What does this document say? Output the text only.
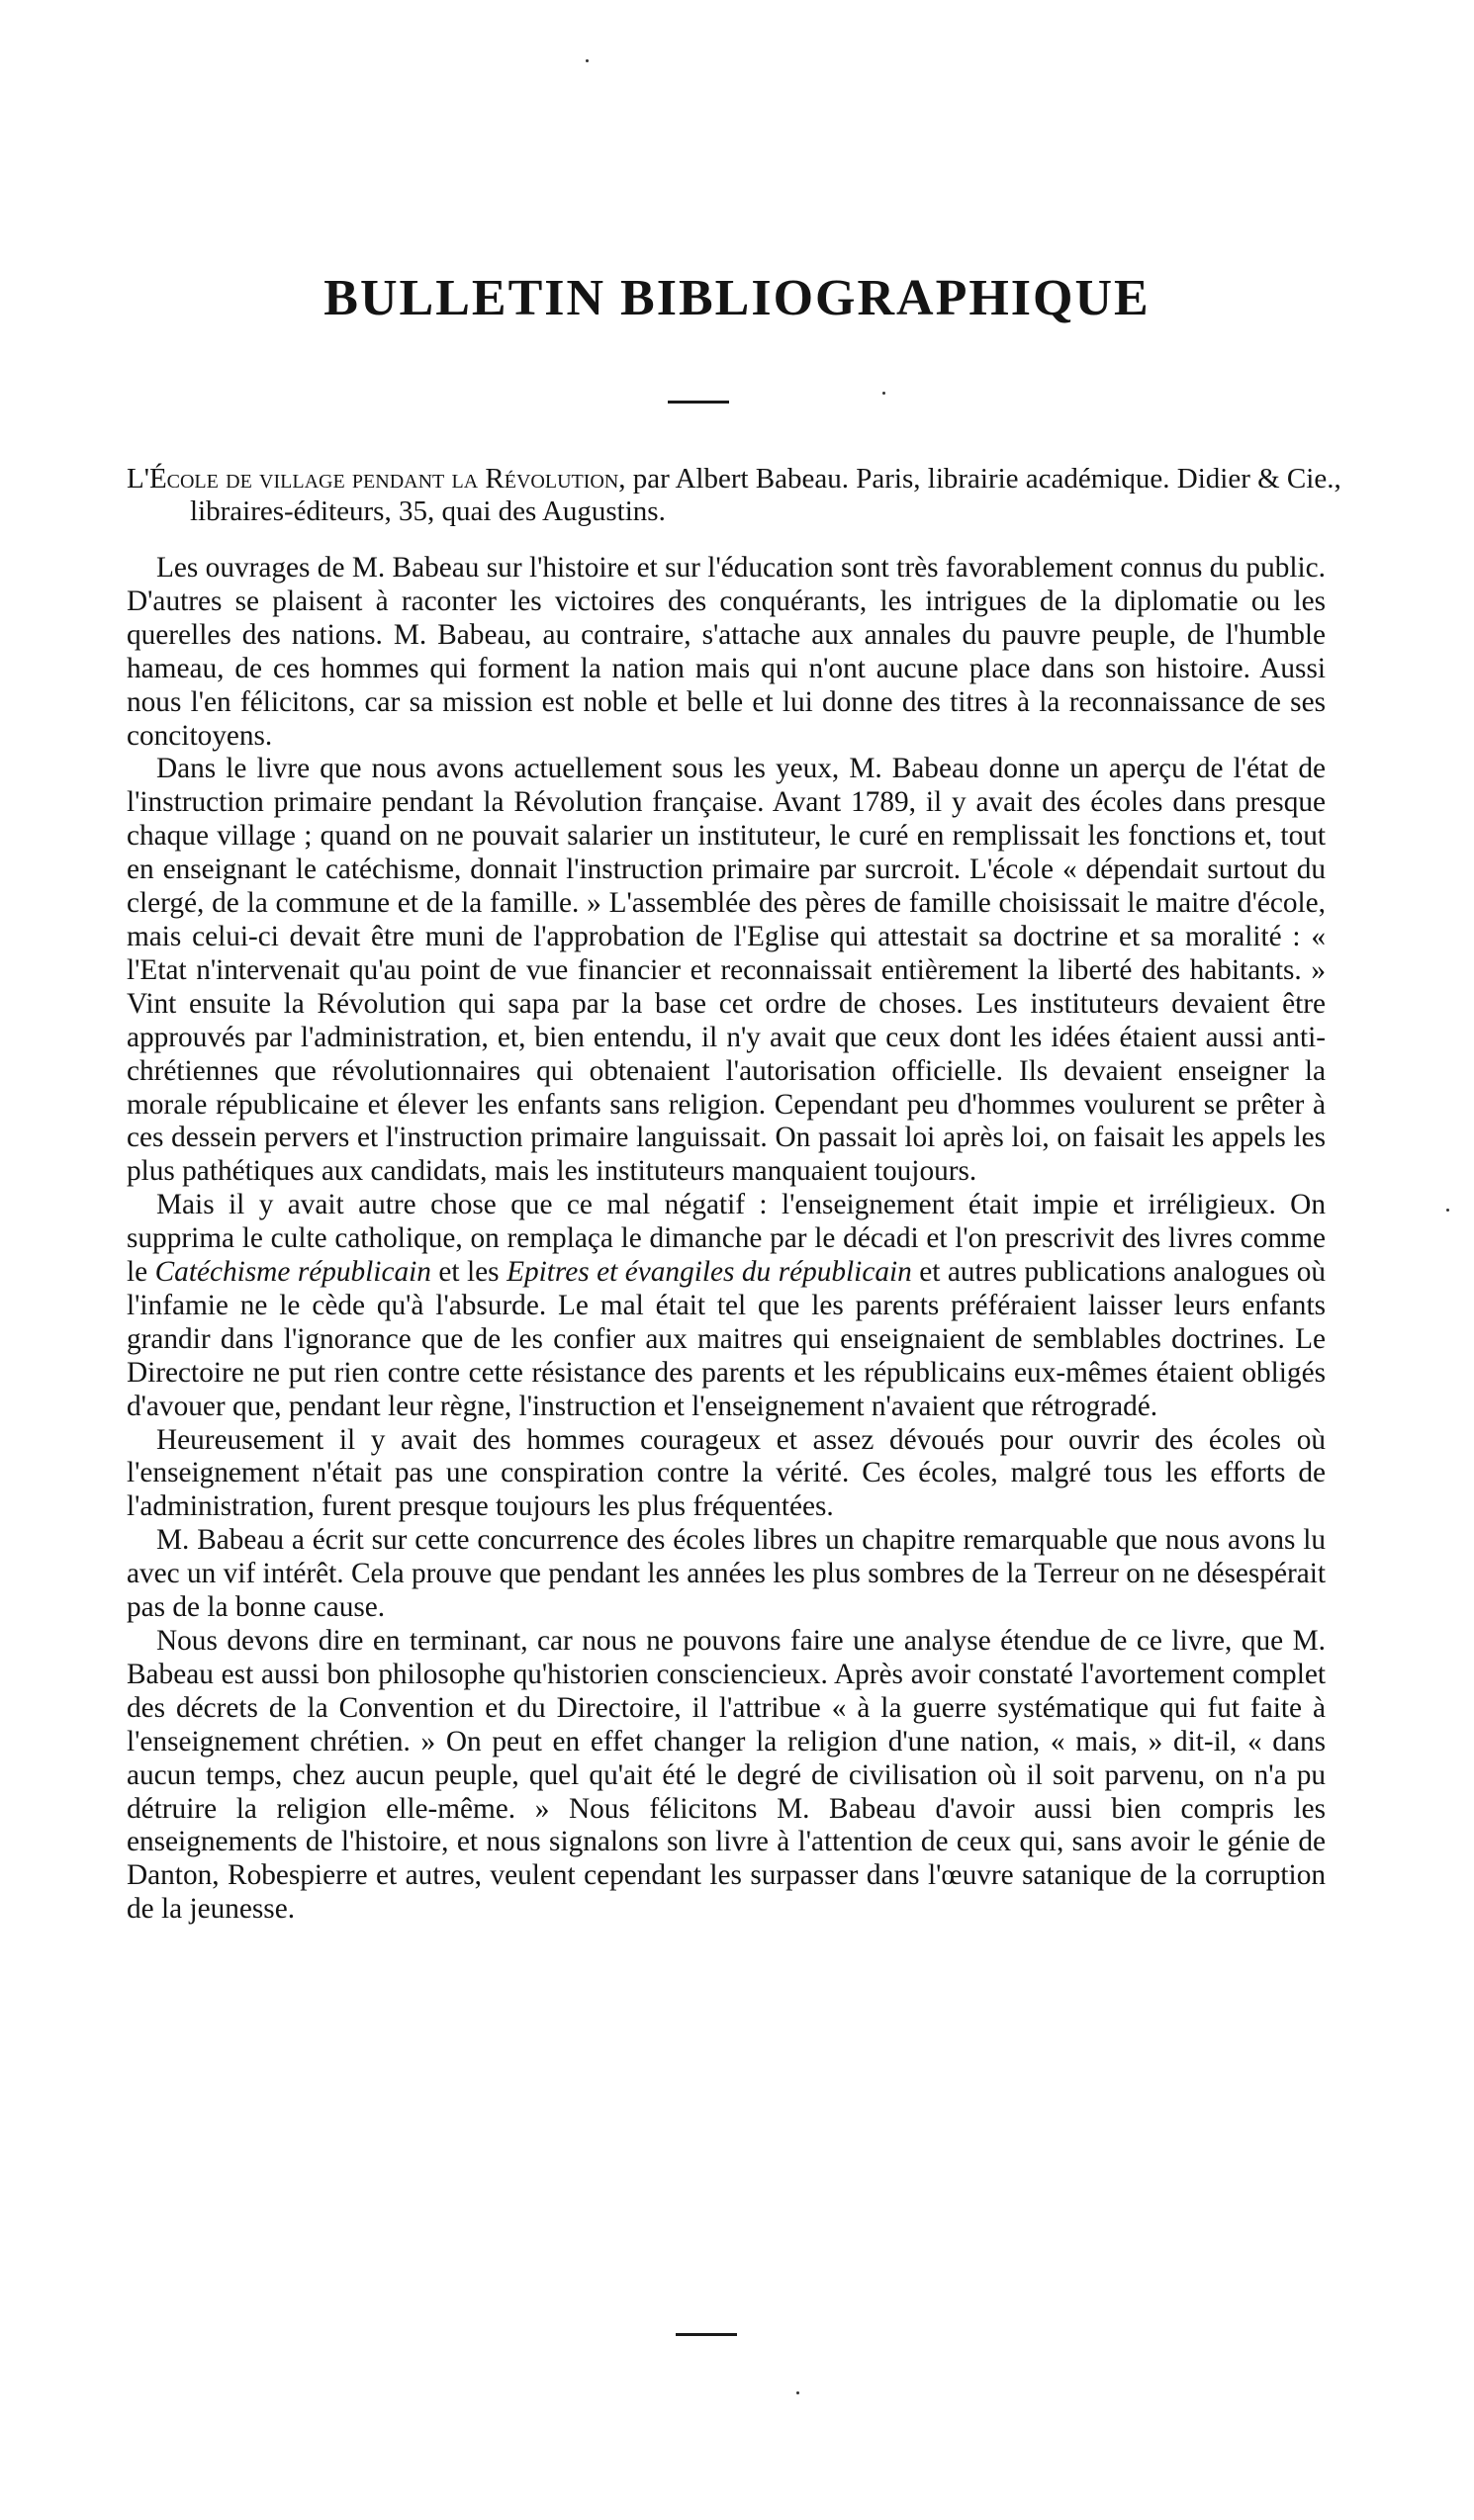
BULLETIN BIBLIOGRAPHIQUE
L'École de village pendant la Révolution, par Albert Babeau. Paris, librairie académique. Didier & Cie., libraires-éditeurs, 35, quai des Augustins.

Les ouvrages de M. Babeau sur l'histoire et sur l'éducation sont très favorablement connus du public. D'autres se plaisent à raconter les victoires des conquérants, les intrigues de la diplomatie ou les querelles des nations. M. Babeau, au contraire, s'attache aux annales du pauvre peuple, de l'humble hameau, de ces hommes qui forment la nation mais qui n'ont aucune place dans son histoire. Aussi nous l'en félicitons, car sa mission est noble et belle et lui donne des titres à la reconnaissance de ses concitoyens.

Dans le livre que nous avons actuellement sous les yeux, M. Babeau donne un aperçu de l'état de l'instruction primaire pendant la Révolution française. Avant 1789, il y avait des écoles dans presque chaque village ; quand on ne pouvait salarier un instituteur, le curé en remplissait les fonctions et, tout en enseignant le catéchisme, donnait l'instruction primaire par surcroit. L'école « dépendait surtout du clergé, de la commune et de la famille. » L'assemblée des pères de famille choisissait le maitre d'école, mais celui-ci devait être muni de l'approbation de l'Eglise qui attestait sa doctrine et sa moralité : « l'Etat n'intervenait qu'au point de vue financier et reconnaissait entièrement la liberté des habitants. » Vint ensuite la Révolution qui sapa par la base cet ordre de choses. Les instituteurs devaient être approuvés par l'administration, et, bien entendu, il n'y avait que ceux dont les idées étaient aussi anti-chrétiennes que révolutionnaires qui obtenaient l'autorisation officielle. Ils devaient enseigner la morale républicaine et élever les enfants sans religion. Cependant peu d'hommes voulurent se prêter à ces dessein pervers et l'instruction primaire languissait. On passait loi après loi, on faisait les appels les plus pathétiques aux candidats, mais les instituteurs manquaient toujours.

Mais il y avait autre chose que ce mal négatif : l'enseignement était impie et irréligieux. On supprima le culte catholique, on remplaça le dimanche par le décadi et l'on prescrivit des livres comme le Catéchisme républicain et les Epitres et évangiles du républicain et autres publications analogues où l'infamie ne le cède qu'à l'absurde. Le mal était tel que les parents préféraient laisser leurs enfants grandir dans l'ignorance que de les confier aux maitres qui enseignaient de semblables doctrines. Le Directoire ne put rien contre cette résistance des parents et les républicains eux-mêmes étaient obligés d'avouer que, pendant leur règne, l'instruction et l'enseignement n'avaient que rétrogradé.

Heureusement il y avait des hommes courageux et assez dévoués pour ouvrir des écoles où l'enseignement n'était pas une conspiration contre la vérité. Ces écoles, malgré tous les efforts de l'administration, furent presque toujours les plus fréquentées.

M. Babeau a écrit sur cette concurrence des écoles libres un chapitre remarquable que nous avons lu avec un vif intérêt. Cela prouve que pendant les années les plus sombres de la Terreur on ne désespérait pas de la bonne cause.

Nous devons dire en terminant, car nous ne pouvons faire une analyse étendue de ce livre, que M. Babeau est aussi bon philosophe qu'historien consciencieux. Après avoir constaté l'avortement complet des décrets de la Convention et du Directoire, il l'attribue « à la guerre systématique qui fut faite à l'enseignement chrétien. » On peut en effet changer la religion d'une nation, « mais, » dit-il, « dans aucun temps, chez aucun peuple, quel qu'ait été le degré de civilisation où il soit parvenu, on n'a pu détruire la religion elle-même. » Nous félicitons M. Babeau d'avoir aussi bien compris les enseignements de l'histoire, et nous signalons son livre à l'attention de ceux qui, sans avoir le génie de Danton, Robespierre et autres, veulent cependant les surpasser dans l'œuvre satanique de la corruption de la jeunesse.
